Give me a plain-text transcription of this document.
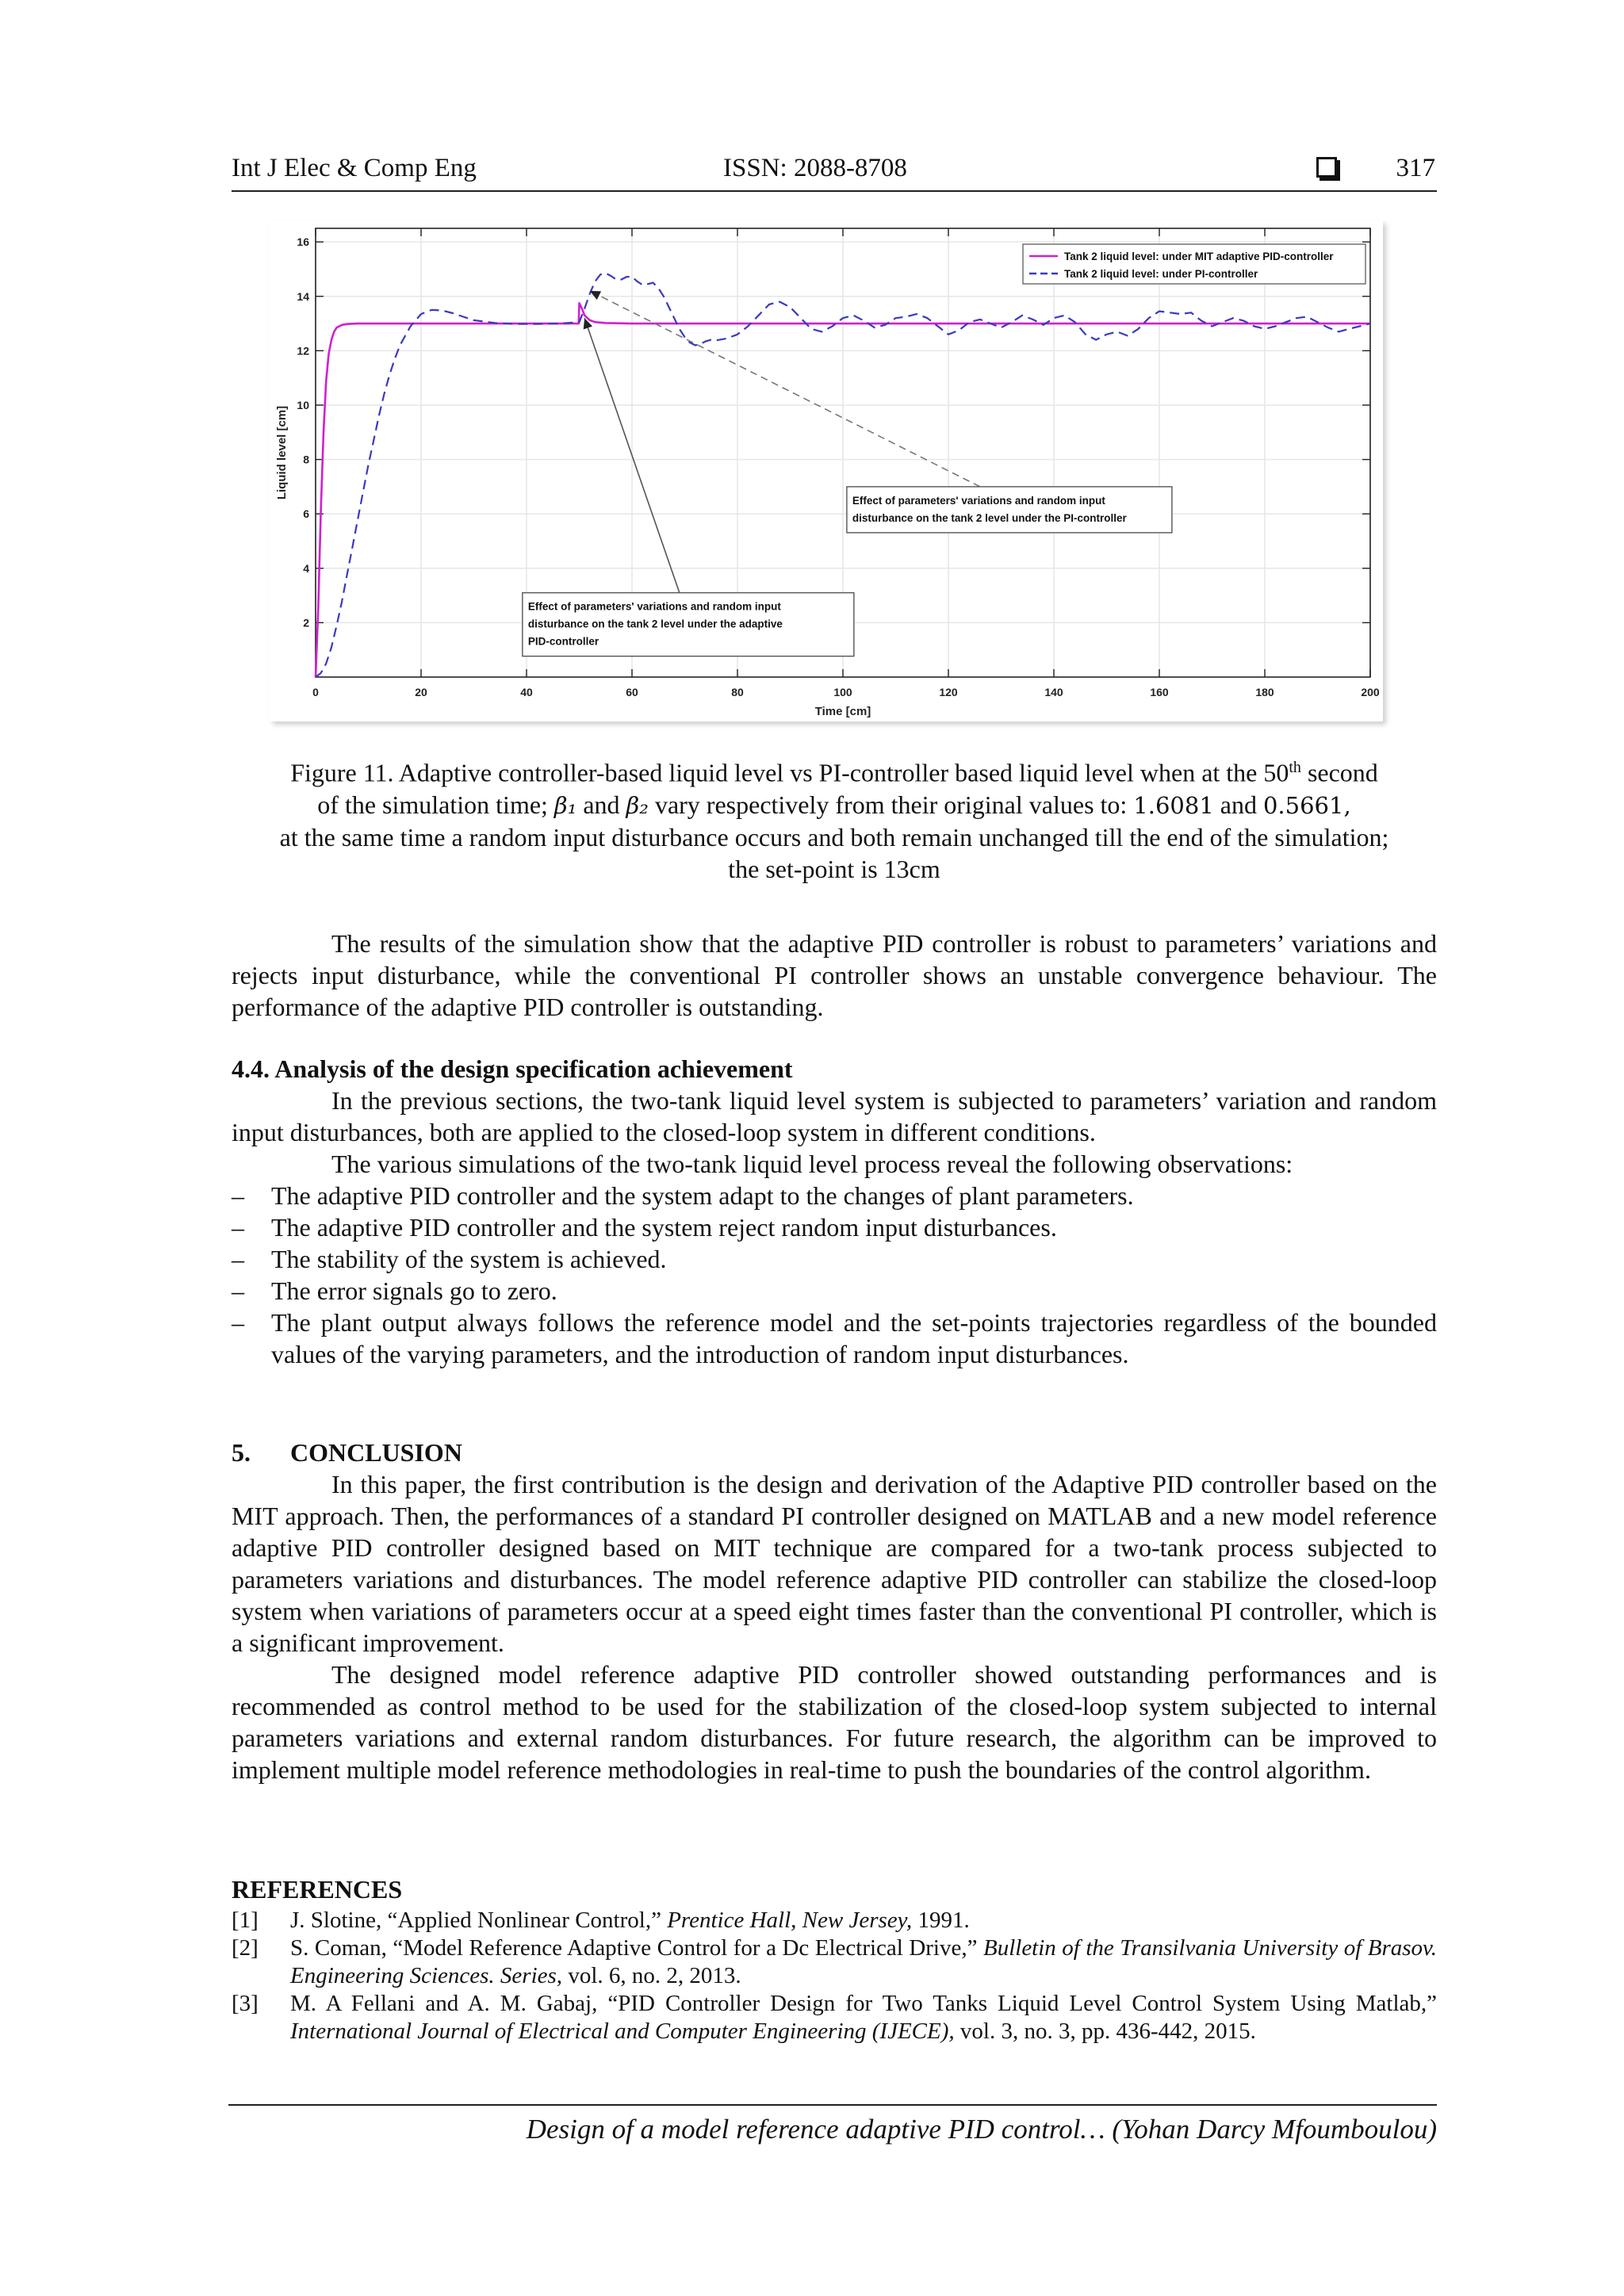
Int J Elec & Comp Eng	ISSN: 2088-8708	317
0	20	40	60	80	100	120	140	160	180	200
2
4
6
8
10
12
14
16
Time [cm]
Liquid level [cm]
Effect of parameters' variations and random input
disturbance on the tank 2 level under the PI-controller
Effect of parameters' variations and random input
disturbance on the tank 2 level under the adaptive
PID-controller
Tank 2 liquid level: under MIT adaptive PID-controller
Tank 2 liquid level: under PI-controller
Figure 11. Adaptive controller-based liquid level vs PI-controller based liquid level when at the 50th second
of the simulation time; β₁ and β₂ vary respectively from their original values to: 1.6081 and 0.5661,
at the same time a random input disturbance occurs and both remain unchanged till the end of the simulation;
the set-point is 13cm

The results of the simulation show that the adaptive PID controller is robust to parameters’ variations and rejects input disturbance, while the conventional PI controller shows an unstable convergence behaviour. The performance of the adaptive PID controller is outstanding.

4.4. Analysis of the design specification achievement

In the previous sections, the two-tank liquid level system is subjected to parameters’ variation and random input disturbances, both are applied to the closed-loop system in different conditions.

The various simulations of the two-tank liquid level process reveal the following observations:

– The adaptive PID controller and the system adapt to the changes of plant parameters.
– The adaptive PID controller and the system reject random input disturbances.
– The stability of the system is achieved.
– The error signals go to zero.
– The plant output always follows the reference model and the set-points trajectories regardless of the bounded values of the varying parameters, and the introduction of random input disturbances.
5. CONCLUSION

In this paper, the first contribution is the design and derivation of the Adaptive PID controller based on the MIT approach. Then, the performances of a standard PI controller designed on MATLAB and a new model reference adaptive PID controller designed based on MIT technique are compared for a two-tank process subjected to parameters variations and disturbances. The model reference adaptive PID controller can stabilize the closed-loop system when variations of parameters occur at a speed eight times faster than the conventional PI controller, which is a significant improvement.

The designed model reference adaptive PID controller showed outstanding performances and is recommended as control method to be used for the stabilization of the closed-loop system subjected to internal parameters variations and external random disturbances. For future research, the algorithm can be improved to implement multiple model reference methodologies in real-time to push the boundaries of the control algorithm.

REFERENCES
[1] J. Slotine, “Applied Nonlinear Control,” Prentice Hall, New Jersey, 1991.
[2] S. Coman, “Model Reference Adaptive Control for a Dc Electrical Drive,” Bulletin of the Transilvania University of Brasov. Engineering Sciences. Series, vol. 6, no. 2, 2013.
[3] M. A Fellani and A. M. Gabaj, “PID Controller Design for Two Tanks Liquid Level Control System Using Matlab,” International Journal of Electrical and Computer Engineering (IJECE), vol. 3, no. 3, pp. 436-442, 2015.
Design of a model reference adaptive PID control… (Yohan Darcy Mfoumboulou)
